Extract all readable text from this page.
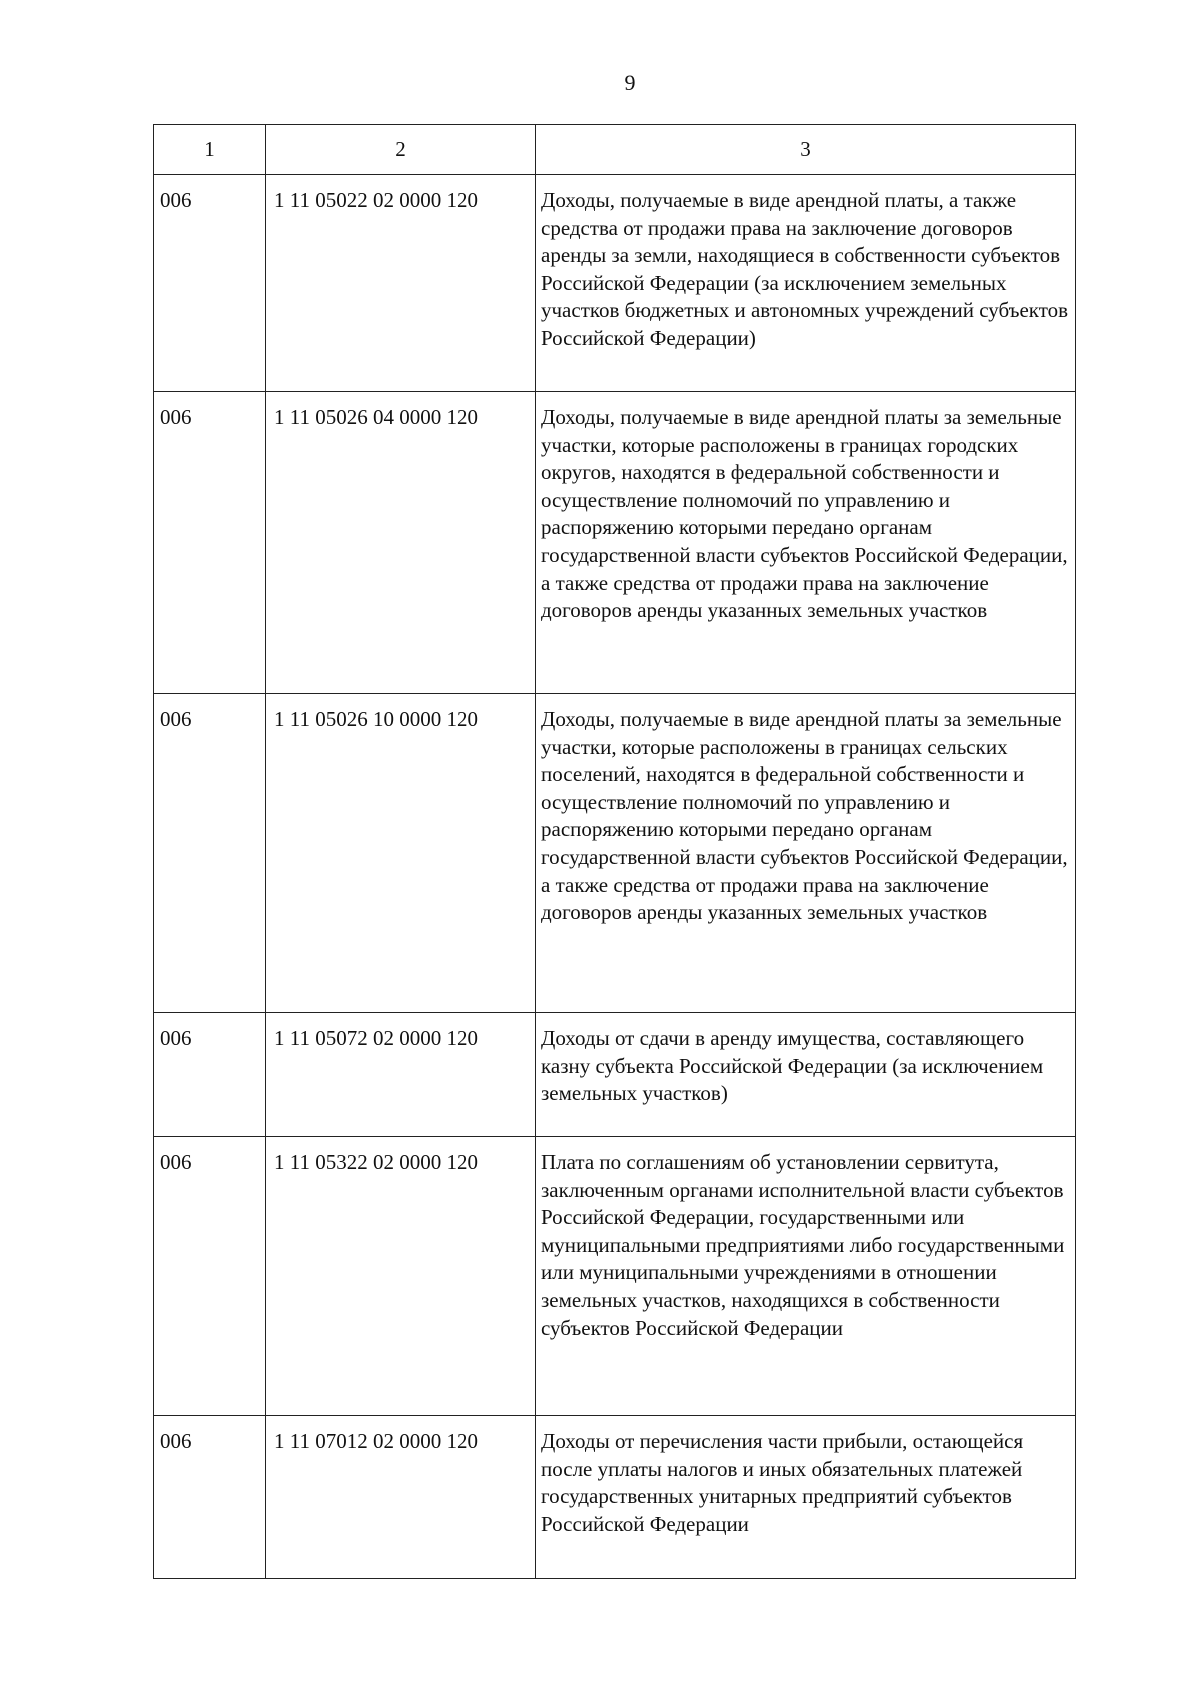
9
1	2	3
006	1 11 05022 02 0000 120	Доходы, получаемые в виде арендной платы, а также средства от продажи права на заключение договоров аренды за земли, находящиеся в собственности субъектов Российской Федерации (за исключением земельных участков бюджетных и автономных учреждений субъектов Российской Федерации)
006	1 11 05026 04 0000 120	Доходы, получаемые в виде арендной платы за земельные участки, которые расположены в границах городских округов, находятся в федеральной собственности и осуществление полномочий по управлению и распоряжению которыми передано органам государственной власти субъектов Российской Федерации, а также средства от продажи права на заключение договоров аренды указанных земельных участков
006	1 11 05026 10 0000 120	Доходы, получаемые в виде арендной платы за земельные участки, которые расположены в границах сельских поселений, находятся в федеральной собственности и осуществление полномочий по управлению и распоряжению которыми передано органам государственной власти субъектов Российской Федерации, а также средства от продажи права на заключение договоров аренды указанных земельных участков
006	1 11 05072 02 0000 120	Доходы от сдачи в аренду имущества, составляющего казну субъекта Российской Федерации (за исключением земельных участков)
006	1 11 05322 02 0000 120	Плата по соглашениям об установлении сервитута, заключенным органами исполнительной власти субъектов Российской Федерации, государственными или муниципальными предприятиями либо государственными или муниципальными учреждениями в отношении земельных участков, находящихся в собственности субъектов Российской Федерации
006	1 11 07012 02 0000 120	Доходы от перечисления части прибыли, остающейся после уплаты налогов и иных обязательных платежей государственных унитарных предприятий субъектов Российской Федерации
